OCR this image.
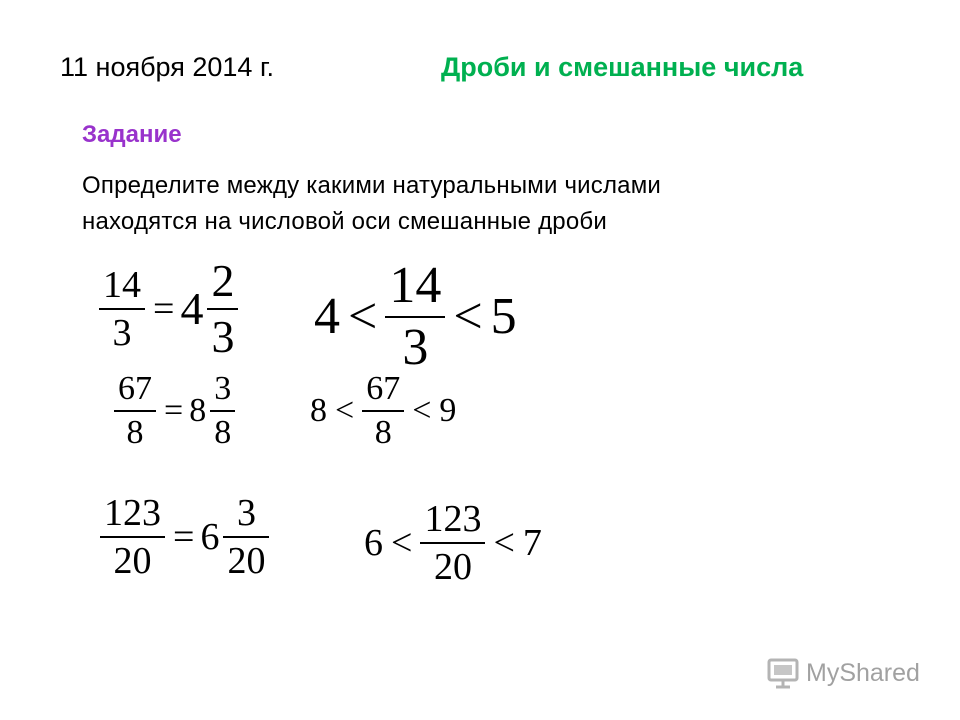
11 ноября 2014 г.	Дроби и смешанные числа
Задание
Определите между какими натуральными числами
находятся на числовой оси смешанные дроби
$\frac{14}{3} = 4 \frac{2}{3} 4 < \frac{14}{3} < 5$
$\frac{67}{8} = 8 \frac{3}{8} 8 < \frac{67}{8} < 9$
$\frac{123}{20} = 6 \frac{3}{20} 6 < \frac{123}{20} < 7$
MyShared
